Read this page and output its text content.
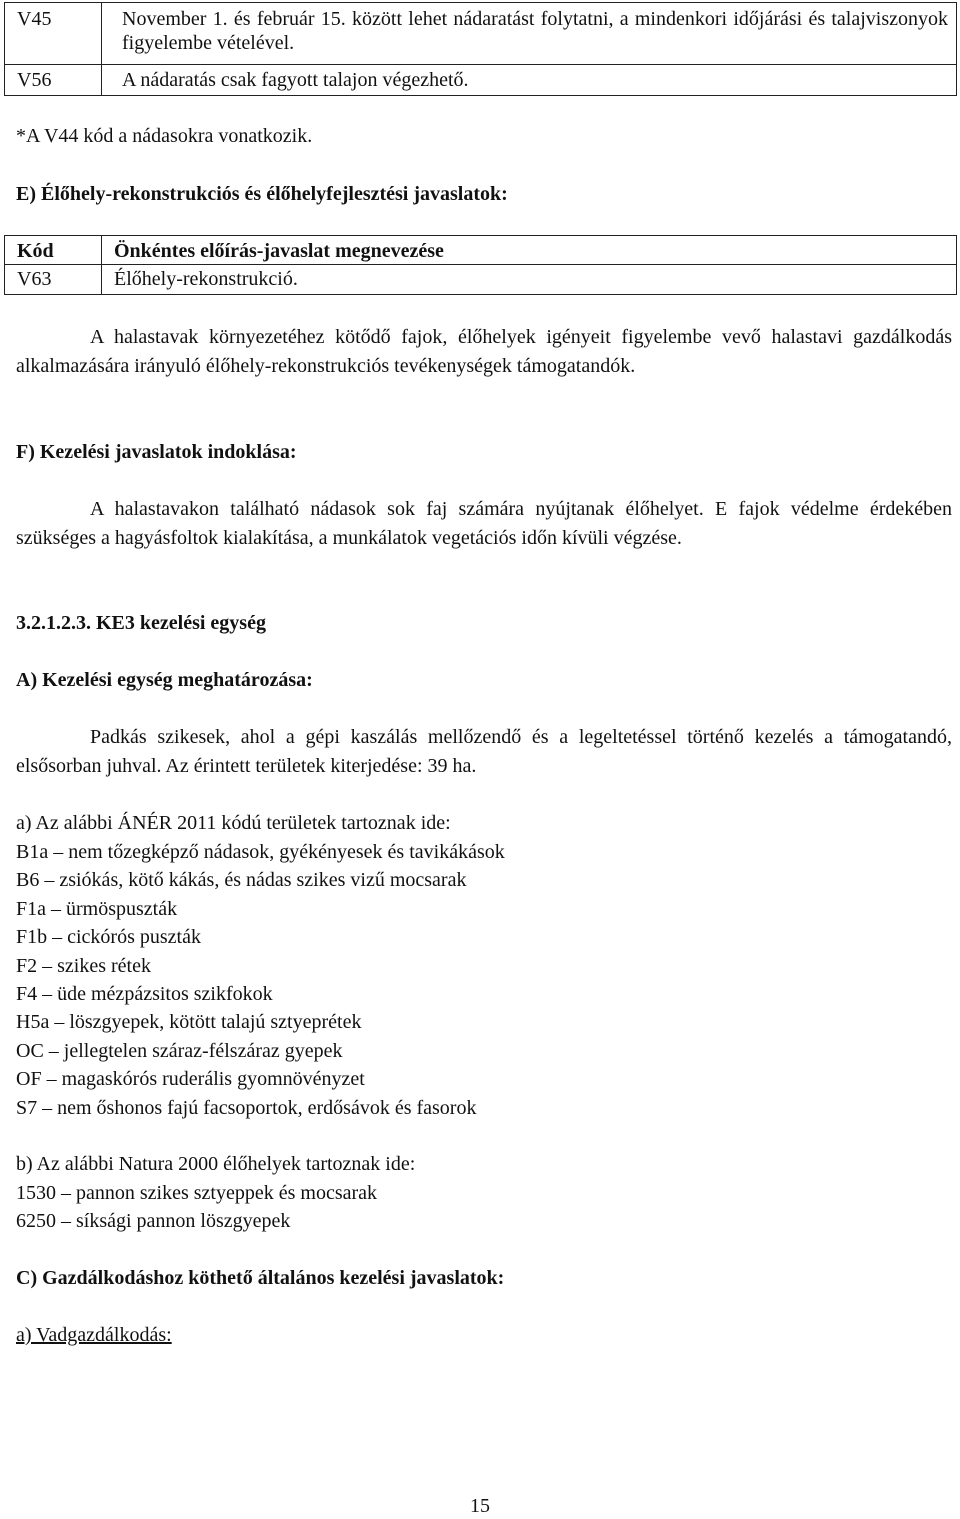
V45	November 1. és február 15. között lehet nádaratást folytatni, a mindenkori időjárási és talajviszonyok figyelembe vételével.
V56	A nádaratás csak fagyott talajon végezhető.
*A V44 kód a nádasokra vonatkozik.
E) Élőhely-rekonstrukciós és élőhelyfejlesztési javaslatok:
Kód	Önkéntes előírás-javaslat megnevezése
V63	Élőhely-rekonstrukció.
A halastavak környezetéhez kötődő fajok, élőhelyek igényeit figyelembe vevő halastavi gazdálkodás alkalmazására irányuló élőhely-rekonstrukciós tevékenységek támogatandók.
F) Kezelési javaslatok indoklása:
A halastavakon található nádasok sok faj számára nyújtanak élőhelyet. E fajok védelme érdekében szükséges a hagyásfoltok kialakítása, a munkálatok vegetációs időn kívüli végzése.
3.2.1.2.3. KE3 kezelési egység
A) Kezelési egység meghatározása:
Padkás szikesek, ahol a gépi kaszálás mellőzendő és a legeltetéssel történő kezelés a támogatandó, elsősorban juhval. Az érintett területek kiterjedése: 39 ha.
a) Az alábbi ÁNÉR 2011 kódú területek tartoznak ide:
B1a – nem tőzegképző nádasok, gyékényesek és tavikákások
B6 – zsiókás, kötő kákás, és nádas szikes vizű mocsarak
F1a – ürmöspuszták
F1b – cickórós puszták
F2 – szikes rétek
F4 – üde mézpázsitos szikfokok
H5a – löszgyepek, kötött talajú sztyeprétek
OC – jellegtelen száraz-félszáraz gyepek
OF – magaskórós ruderális gyomnövényzet
S7 – nem őshonos fajú facsoportok, erdősávok és fasorok
b) Az alábbi Natura 2000 élőhelyek tartoznak ide:
1530 – pannon szikes sztyeppek és mocsarak
6250 – síksági pannon löszgyepek
C) Gazdálkodáshoz köthető általános kezelési javaslatok:
a) Vadgazdálkodás:
15
